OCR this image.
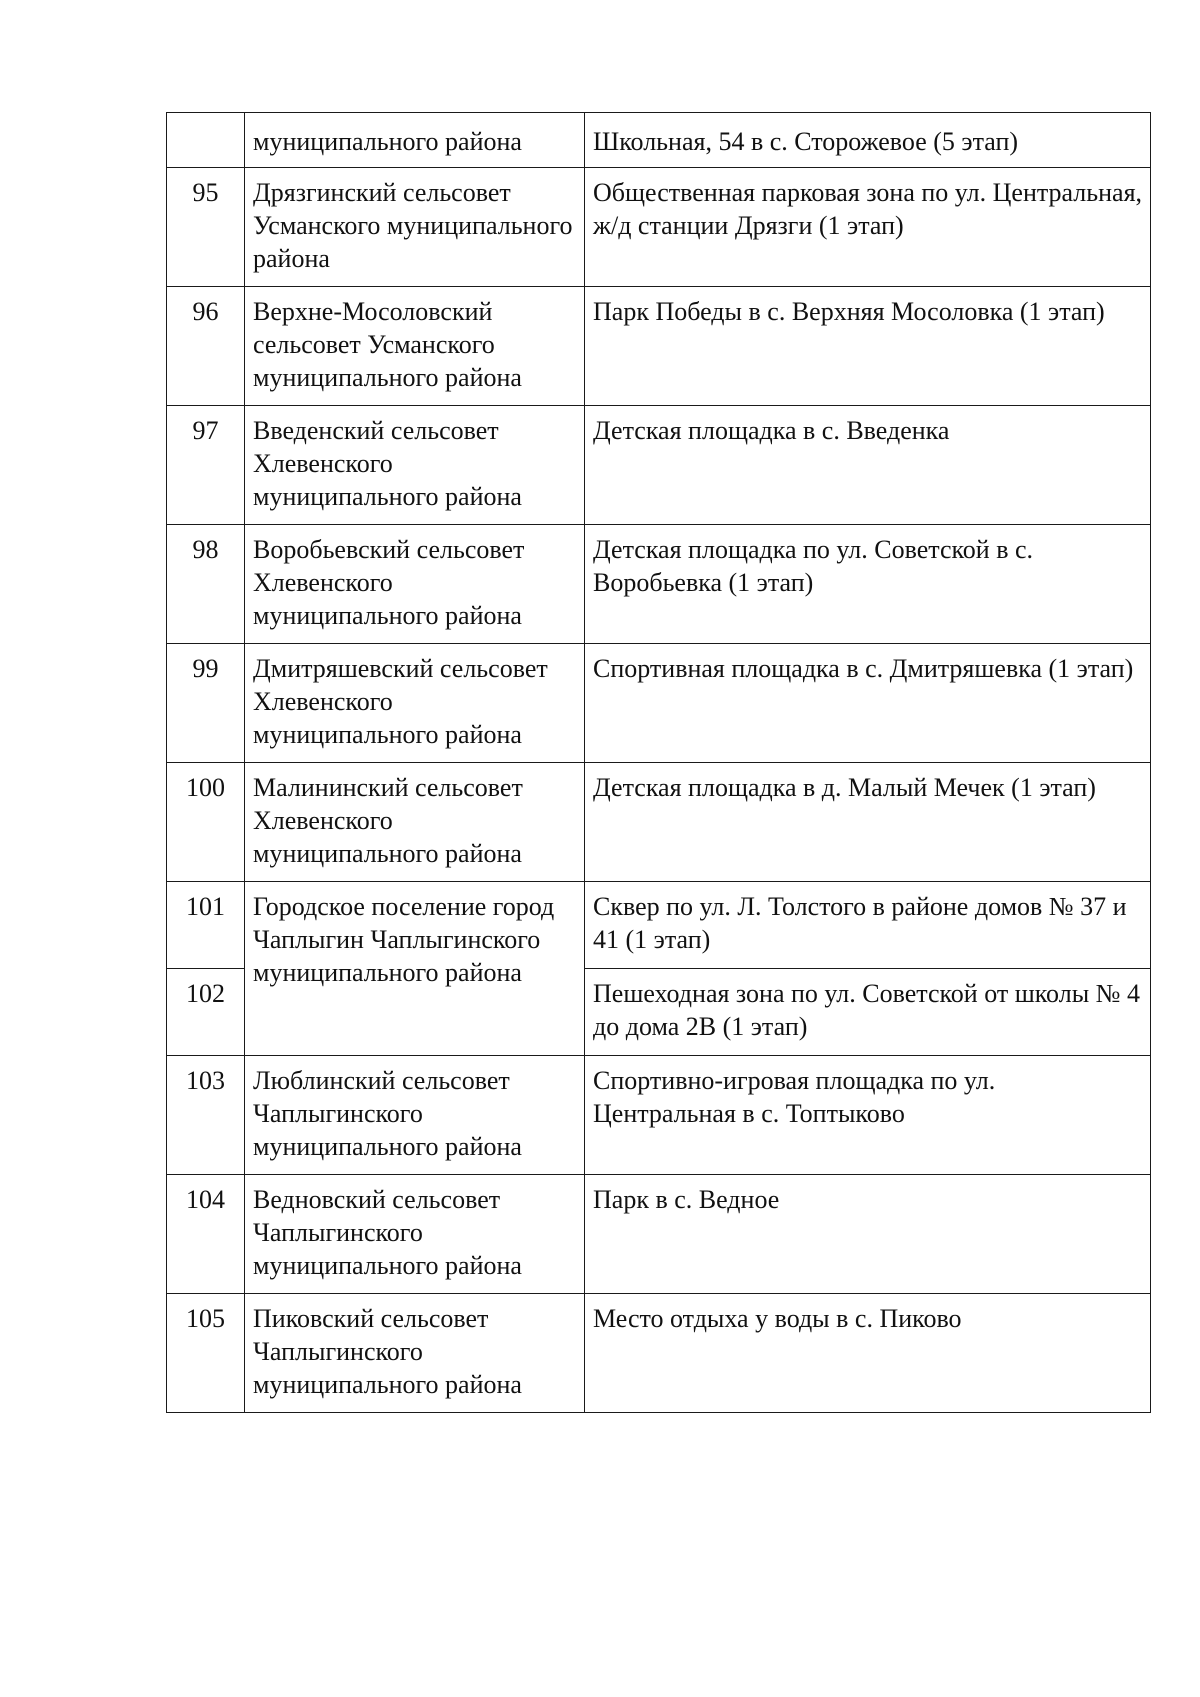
	муниципального района	Школьная, 54 в с. Сторожевое (5 этап)
95	Дрязгинский сельсовет Усманского муниципального района	Общественная парковая зона по ул. Центральная, ж/д станции Дрязги (1 этап)
96	Верхне-Мосоловский сельсовет Усманского муниципального района	Парк Победы в с. Верхняя Мосоловка (1 этап)
97	Введенский сельсовет Хлевенского муниципального района	Детская площадка в с. Введенка
98	Воробьевский сельсовет Хлевенского муниципального района	Детская площадка по ул. Советской в с. Воробьевка (1 этап)
99	Дмитряшевский сельсовет Хлевенского муниципального района	Спортивная площадка в с. Дмитряшевка (1 этап)
100	Малининский сельсовет Хлевенского муниципального района	Детская площадка в д. Малый Мечек (1 этап)
101	Городское поселение город Чаплыгин Чаплыгинского муниципального района	Сквер по ул. Л. Толстого в районе домов № 37 и 41 (1 этап)
102		Пешеходная зона по ул. Советской от школы № 4 до дома 2В (1 этап)
103	Люблинский сельсовет Чаплыгинского муниципального района	Спортивно-игровая площадка по ул. Центральная в с. Топтыково
104	Ведновский сельсовет Чаплыгинского муниципального района	Парк в с. Ведное
105	Пиковский сельсовет Чаплыгинского муниципального района	Место отдыха у воды в с. Пиково
